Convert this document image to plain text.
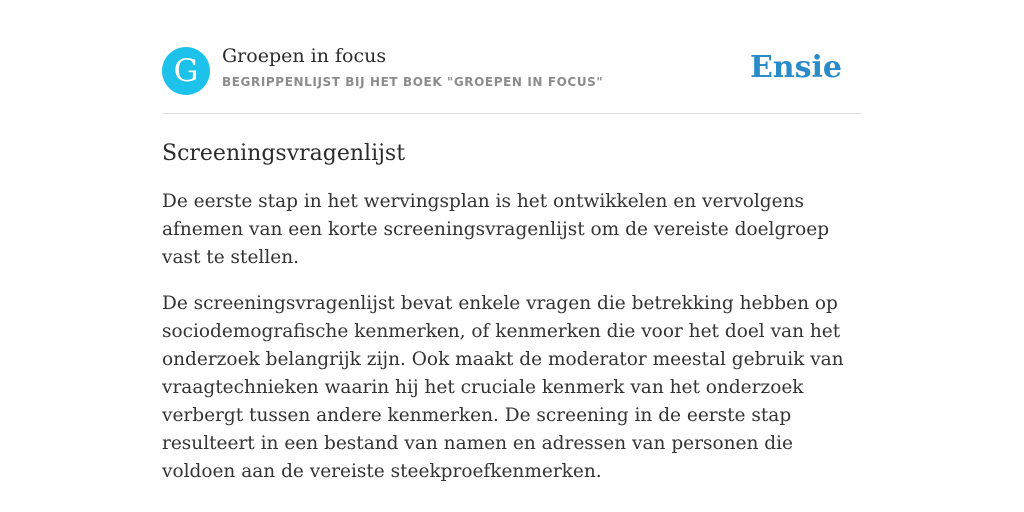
G	Groepen in focus
BEGRIPPENLIJST BIJ HET BOEK "GROEPEN IN FOCUS"	Ensie
Screeningsvragenlijst

De eerste stap in het wervingsplan is het ontwikkelen en vervolgens afnemen van een korte screeningsvragenlijst om de vereiste doelgroep vast te stellen.

De screeningsvragenlijst bevat enkele vragen die betrekking hebben op sociodemografische kenmerken, of kenmerken die voor het doel van het onderzoek belangrijk zijn. Ook maakt de moderator meestal gebruik van vraagtechnieken waarin hij het cruciale kenmerk van het onderzoek verbergt tussen andere kenmerken. De screening in de eerste stap resulteert in een bestand van namen en adressen van personen die voldoen aan de vereiste steekproefkenmerken.
